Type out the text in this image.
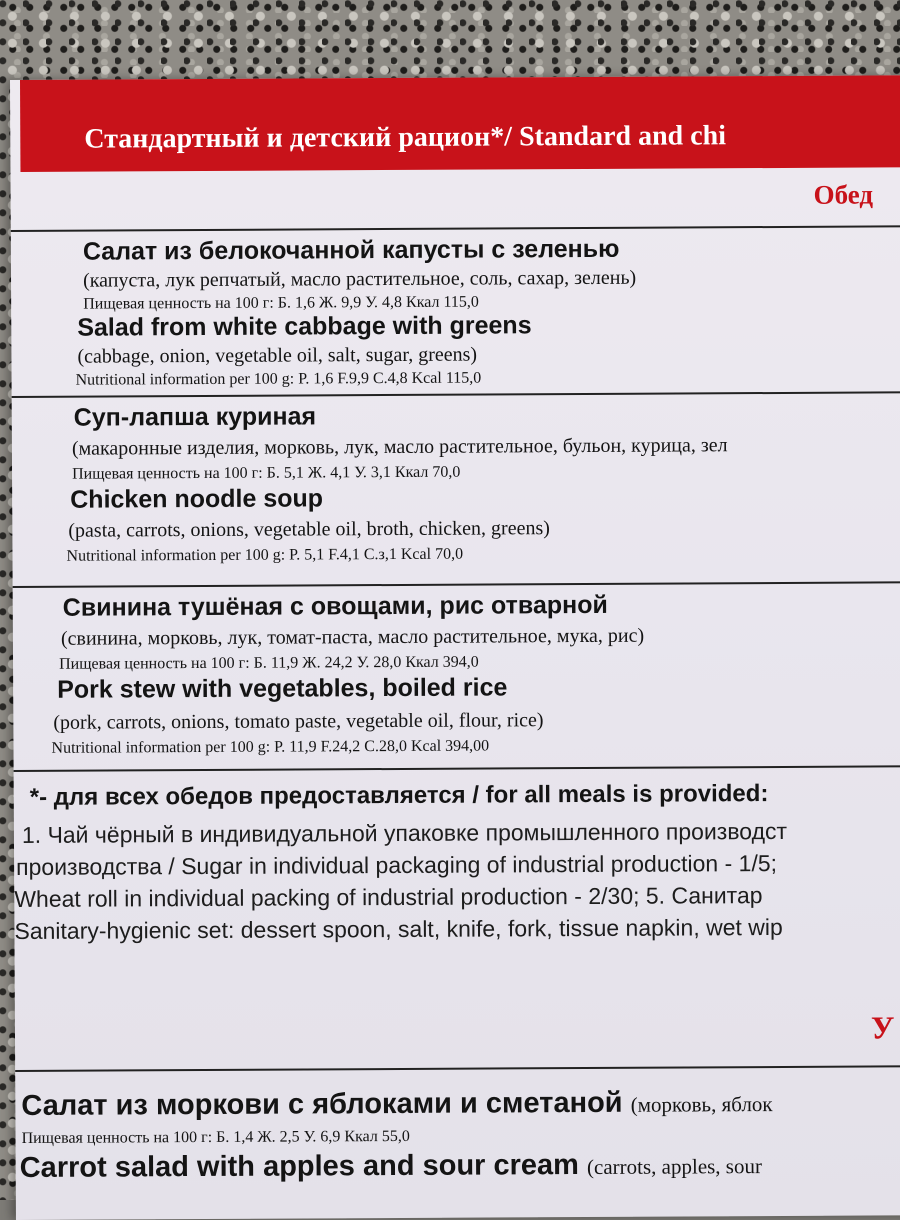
Стандартный и детский рацион*/ Standard and chi
Обед
Салат из белокочанной капусты с зеленью
(капуста, лук репчатый, масло растительное, соль, сахар, зелень)
Пищевая ценность на 100 г: Б. 1,6 Ж. 9,9 У. 4,8 Ккал 115,0
Salad from white cabbage with greens
(cabbage, onion, vegetable oil, salt, sugar, greens)
Nutritional information per 100 g: P. 1,6 F.9,9 C.4,8 Kcal 115,0
Суп-лапша куриная
(макаронные изделия, морковь, лук, масло растительное, бульон, курица, зел
Пищевая ценность на 100 г: Б. 5,1 Ж. 4,1 У. 3,1 Ккал 70,0
Chicken noodle soup
(pasta, carrots, onions, vegetable oil, broth, chicken, greens)
Nutritional information per 100 g: P. 5,1 F.4,1 C.з,1 Kcal 70,0
Свинина тушёная с овощами, рис отварной
(свинина, морковь, лук, томат-паста, масло растительное, мука, рис)
Пищевая ценность на 100 г: Б. 11,9 Ж. 24,2 У. 28,0 Ккал 394,0
Pork stew with vegetables, boiled rice
(pork, carrots, onions, tomato paste, vegetable oil, flour, rice)
Nutritional information per 100 g: P. 11,9 F.24,2 C.28,0 Kcal 394,00
*- для всех обедов предоставляется / for all meals is provided:
1. Чай чёрный в индивидуальной упаковке промышленного производст
производства / Sugar in individual packaging of industrial production - 1/5;
Wheat roll in individual packing of industrial production - 2/30; 5. Санитар
Sanitary-hygienic set: dessert spoon, salt, knife, fork, tissue napkin, wet wip
У
Салат из моркови с яблоками и сметаной (морковь, яблок
Пищевая ценность на 100 г: Б. 1,4 Ж. 2,5 У. 6,9 Ккал 55,0
Carrot salad with apples and sour cream (carrots, apples, sour
